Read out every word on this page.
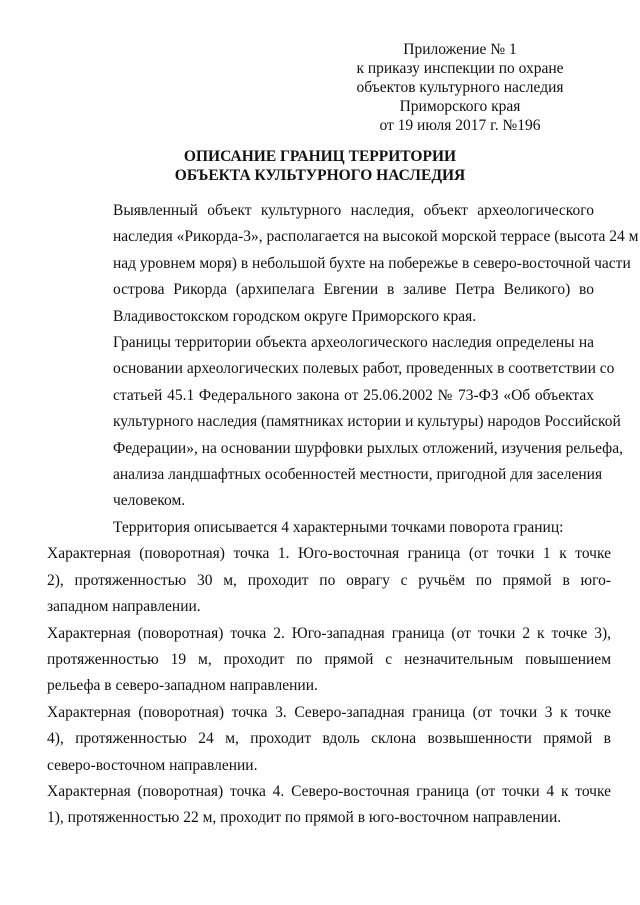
Приложение № 1
к приказу инспекции по охране
объектов культурного наследия
Приморского края
от 19 июля 2017 г. №196
ОПИСАНИЕ ГРАНИЦ ТЕРРИТОРИИ
ОБЪЕКТА КУЛЬТУРНОГО НАСЛЕДИЯ

Выявленный объект культурного наследия, объект археологического
наследия «Рикорда-3», располагается на высокой морской террасе (высота 24 м
над уровнем моря) в небольшой бухте на побережье в северо-восточной части
острова Рикорда (архипелага Евгении в заливе Петра Великого) во
Владивостокском городском округе Приморского края.

Границы территории объекта археологического наследия определены на
основании археологических полевых работ, проведенных в соответствии со
статьей 45.1 Федерального закона от 25.06.2002 № 73-ФЗ «Об объектах
культурного наследия (памятниках истории и культуры) народов Российской
Федерации», на основании шурфовки рыхлых отложений, изучения рельефа,
анализа ландшафтных особенностей местности, пригодной для заселения
человеком.

Территория описывается 4 характерными точками поворота границ:

Характерная (поворотная) точка 1. Юго-восточная граница (от точки 1 к точке
2), протяженностью 30 м, проходит по оврагу с ручьём по прямой в юго-
западном направлении.

Характерная (поворотная) точка 2. Юго-западная граница (от точки 2 к точке 3),
протяженностью 19 м, проходит по прямой с незначительным повышением
рельефа в северо-западном направлении.

Характерная (поворотная) точка 3. Северо-западная граница (от точки 3 к точке
4), протяженностью 24 м, проходит вдоль склона возвышенности прямой в
северо-восточном направлении.

Характерная (поворотная) точка 4. Северо-восточная граница (от точки 4 к точке
1), протяженностью 22 м, проходит по прямой в юго-восточном направлении.
